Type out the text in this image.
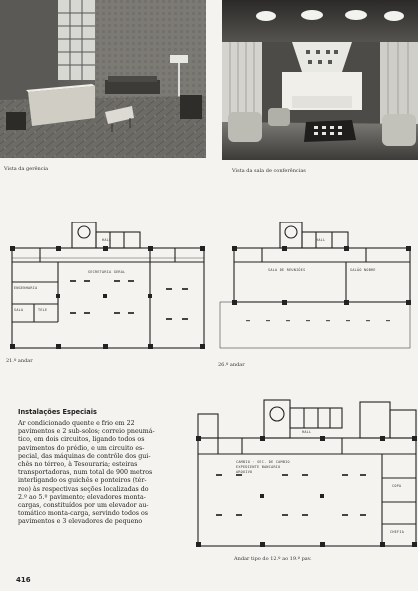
Vista da gerência	Vista da sala de conferências
HALL
SECRETARIA GERAL
ENGENHARIA
SALA	TELE
21.º andar
HALL
SALA DE REUNIÕES	SALÃO NOBRE
26.º andar
Instalações Especiais
Ar condicionado quente e frio em 22
pavimentos e 2 sub-solos; correio pneumá-
tico, em dois circuitos, ligando todos os
pavimentos do prédio, e um circuito es-
pecial, das máquinas de contrôle dos gui-
chês no térreo, à Tesouraria; esteiras
transportadoras, num total de 900 metros
interligando os guichês e ponteiros (tér-
reo) às respectivas seções localizadas do
2.º ao 5.º pavimento; elevadores monta-
cargas, constituídos por um elevador au-
tomático monta-carga, servindo todos os
pavimentos e 3 elevadores de pequeno
HALL
CAMBIO · SEC. DE CAMBIO
EXPEDIENTE BANCARIO
ARQUIVO
COPA
CHEFIA
Andar tipo do 12.º ao 19.º pav.
416
